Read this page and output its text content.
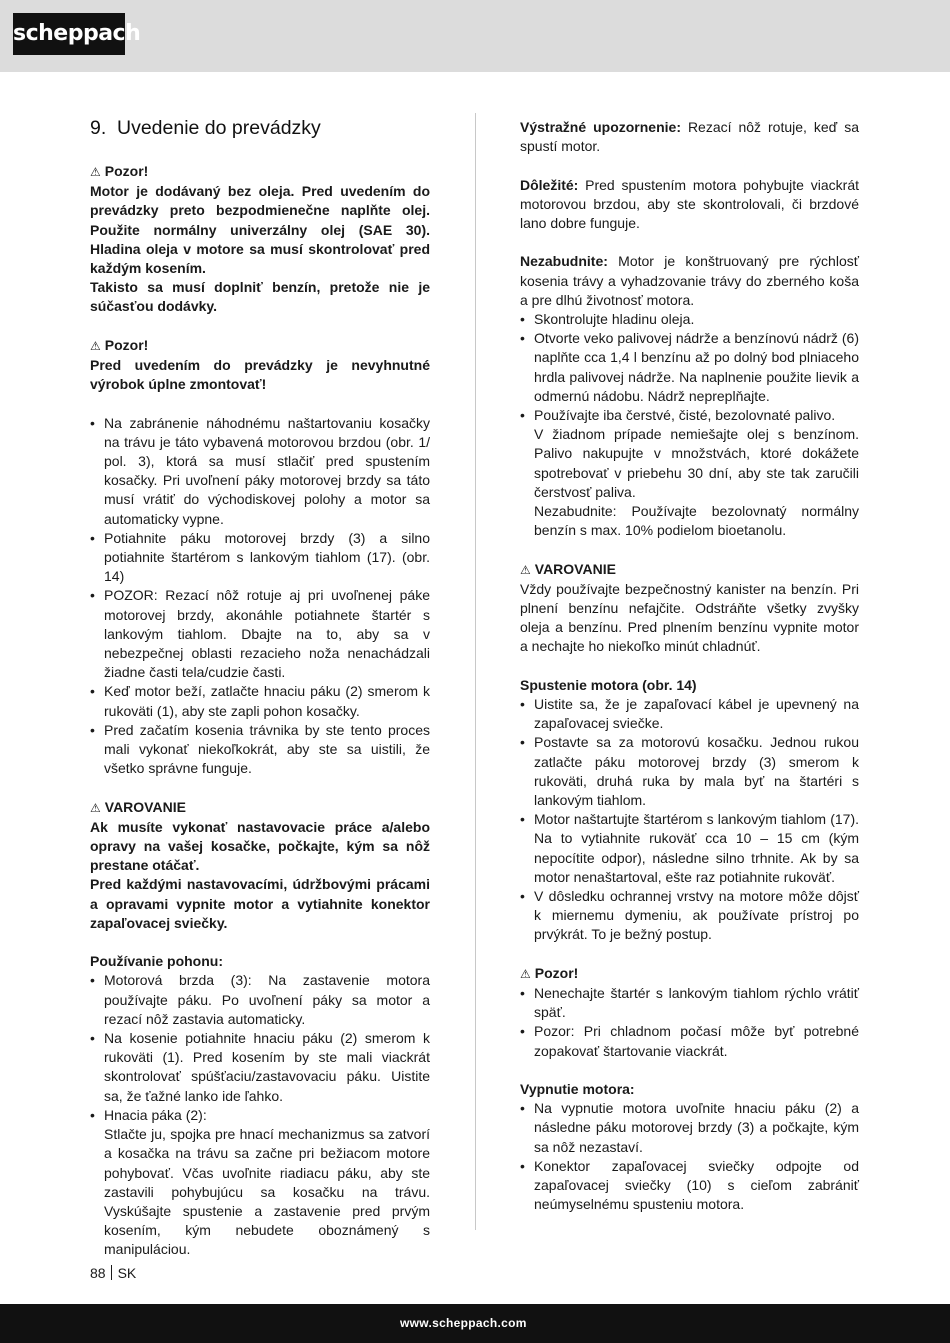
scheppach
9. Uvedenie do prevádzky

⚠ Pozor!

Motor je dodávaný bez oleja. Pred uvedením do prevádzky preto bezpodmienečne naplňte olej. Použite normálny univerzálny olej (SAE 30). Hladina oleja v motore sa musí skontrolovať pred každým kosením.

Takisto sa musí doplniť benzín, pretože nie je súčasťou dodávky.

⚠ Pozor!

Pred uvedením do prevádzky je nevyhnutné výrobok úplne zmontovať!

• Na zabránenie náhodnému naštartovaniu kosačky na trávu je táto vybavená motorovou brzdou (obr. 1/ pol. 3), ktorá sa musí stlačiť pred spustením kosačky. Pri uvoľnení páky motorovej brzdy sa táto musí vrátiť do východiskovej polohy a motor sa automaticky vypne.
• Potiahnite páku motorovej brzdy (3) a silno potiahnite štartérom s lankovým tiahlom (17). (obr. 14)
• POZOR: Rezací nôž rotuje aj pri uvoľnenej páke motorovej brzdy, akonáhle potiahnete štartér s lankovým tiahlom. Dbajte na to, aby sa v nebezpečnej oblasti rezacieho noža nenachádzali žiadne časti tela/cudzie časti.
• Keď motor beží, zatlačte hnaciu páku (2) smerom k rukoväti (1), aby ste zapli pohon kosačky.
• Pred začatím kosenia trávnika by ste tento proces mali vykonať niekoľkokrát, aby ste sa uistili, že všetko správne funguje.

⚠ VAROVANIE

Ak musíte vykonať nastavovacie práce a/alebo opravy na vašej kosačke, počkajte, kým sa nôž prestane otáčať.

Pred každými nastavovacími, údržbovými prácami a opravami vypnite motor a vytiahnite konektor zapaľovacej sviečky.

Používanie pohonu:

• Motorová brzda (3): Na zastavenie motora používajte páku. Po uvoľnení páky sa motor a rezací nôž zastavia automaticky.
• Na kosenie potiahnite hnaciu páku (2) smerom k rukoväti (1). Pred kosením by ste mali viackrát skontrolovať spúšťaciu/zastavovaciu páku. Uistite sa, že ťažné lanko ide ľahko.
• Hnacia páka (2):
Stlačte ju, spojka pre hnací mechanizmus sa zatvorí a kosačka na trávu sa začne pri bežiacom motore pohybovať. Včas uvoľnite riadiacu páku, aby ste zastavili pohybujúcu sa kosačku na trávu. Vyskúšajte spustenie a zastavenie pred prvým kosením, kým nebudete oboznámený s manipuláciou.

Výstražné upozornenie: Rezací nôž rotuje, keď sa spustí motor.

Dôležité: Pred spustením motora pohybujte viackrát motorovou brzdou, aby ste skontrolovali, či brzdové lano dobre funguje.

Nezabudnite: Motor je konštruovaný pre rýchlosť kosenia trávy a vyhadzovanie trávy do zberného koša a pre dlhú životnosť motora.

• Skontrolujte hladinu oleja.
• Otvorte veko palivovej nádrže a benzínovú nádrž (6) naplňte cca 1,4 l benzínu až po dolný bod plniaceho hrdla palivovej nádrže. Na naplnenie použite lievik a odmernú nádobu. Nádrž nepreplňajte.
• Používajte iba čerstvé, čisté, bezolovnaté palivo.
V žiadnom prípade nemiešajte olej s benzínom. Palivo nakupujte v množstvách, ktoré dokážete spotrebovať v priebehu 30 dní, aby ste tak zaručili čerstvosť paliva.
Nezabudnite: Používajte bezolovnatý normálny benzín s max. 10% podielom bioetanolu.

⚠ VAROVANIE

Vždy používajte bezpečnostný kanister na benzín. Pri plnení benzínu nefajčite. Odstráňte všetky zvyšky oleja a benzínu. Pred plnením benzínu vypnite motor a nechajte ho niekoľko minút chladnúť.

Spustenie motora (obr. 14)

• Uistite sa, že je zapaľovací kábel je upevnený na zapaľovacej sviečke.
• Postavte sa za motorovú kosačku. Jednou rukou zatlačte páku motorovej brzdy (3) smerom k rukoväti, druhá ruka by mala byť na štartéri s lankovým tiahlom.
• Motor naštartujte štartérom s lankovým tiahlom (17). Na to vytiahnite rukoväť cca 10 – 15 cm (kým nepocítite odpor), následne silno trhnite. Ak by sa motor nenaštartoval, ešte raz potiahnite rukoväť.
• V dôsledku ochrannej vrstvy na motore môže dôjsť k miernemu dymeniu, ak používate prístroj po prvýkrát. To je bežný postup.

⚠ Pozor!

• Nenechajte štartér s lankovým tiahlom rýchlo vrátiť späť.
• Pozor: Pri chladnom počasí môže byť potrebné zopakovať štartovanie viackrát.

Vypnutie motora:

• Na vypnutie motora uvoľnite hnaciu páku (2) a následne páku motorovej brzdy (3) a počkajte, kým sa nôž nezastaví.
• Konektor zapaľovacej sviečky odpojte od zapaľovacej sviečky (10) s cieľom zabrániť neúmyselnému spusteniu motora.
88 SK
www.scheppach.com
